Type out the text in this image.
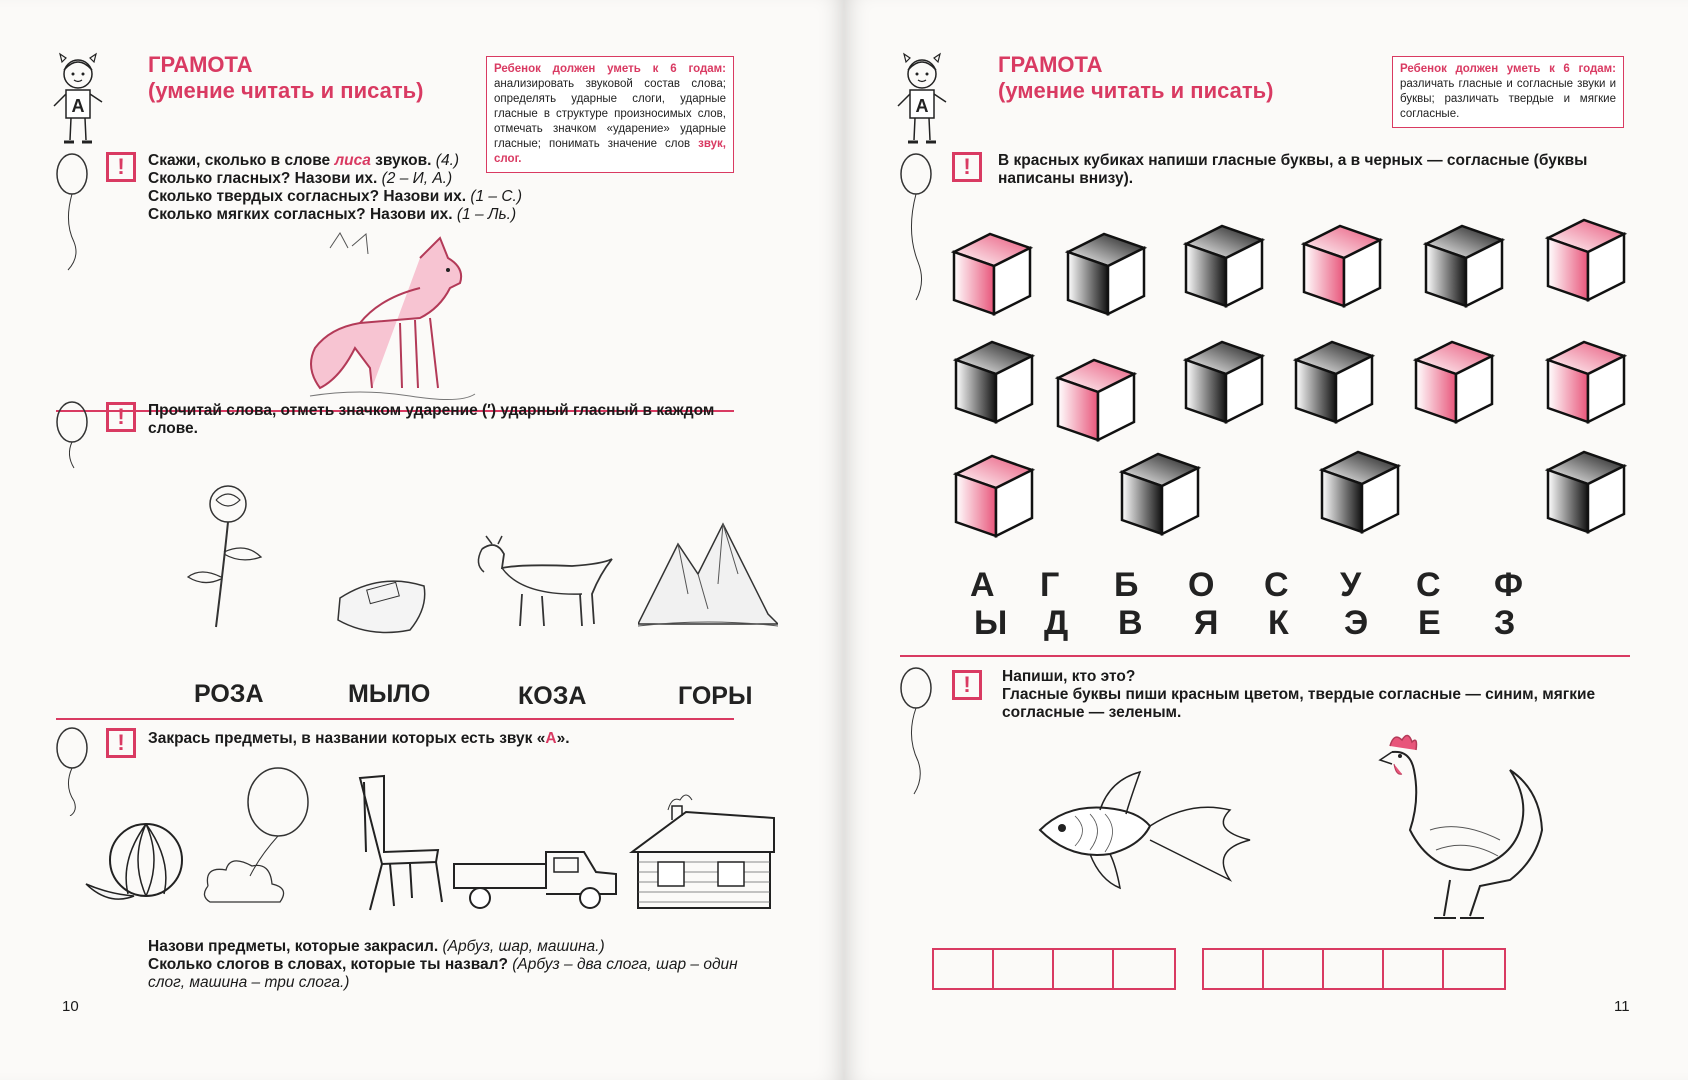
A
ГРАМОТА
(умение читать и писать)
Ребенок должен уметь к 6 годам: анализировать звуковой состав слова; определять ударные слоги, ударные гласные в структуре произносимых слов, отмечать значком «ударение» ударные гласные; понимать значение слов звук, слог.
!	Скажи, сколько в слове лиса звуков. (4.)
Сколько гласных? Назови их. (2 – И, А.)
Сколько твердых согласных? Назови их. (1 – С.)
Сколько мягких согласных? Назови их. (1 – Ль.)
!	Прочитай слова, отметь значком ударение (′) ударный гласный в каждом слове.
РОЗА	МЫЛО	КОЗА	ГОРЫ
!	Закрась предметы, в названии которых есть звук «А».
Назови предметы, которые закрасил. (Арбуз, шар, машина.)
Сколько слогов в словах, которые ты назвал? (Арбуз – два слога, шар – один слог, машина – три слога.)
10
A
ГРАМОТА
(умение читать и писать)
Ребенок должен уметь к 6 годам: различать гласные и согласные звуки и буквы; различать твердые и мягкие согласные.
!	В красных кубиках напиши гласные буквы, а в черных — согласные (буквы написаны внизу).
А Г Б О С У С Ф
Ы Д В Я К Э Е З
!	Напиши, кто это?
Гласные буквы пиши красным цветом, твердые согласные — синим, мягкие согласные — зеленым.
11
